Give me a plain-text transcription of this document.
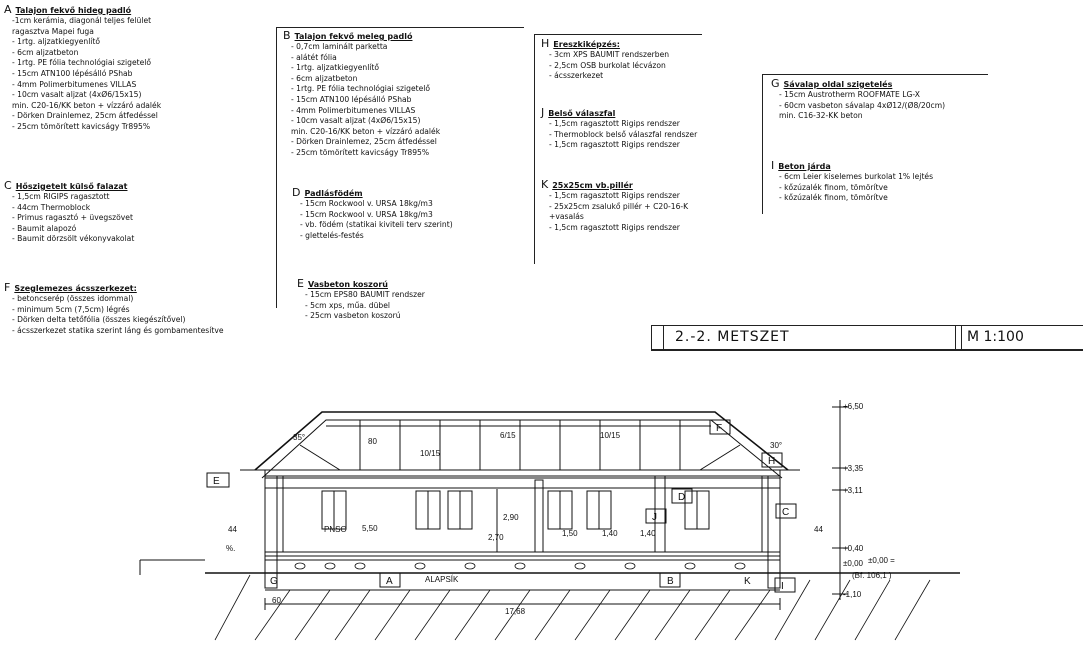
A Talajon fekvő hideg padló
-1cm kerámia, diagonál teljes felület
ragasztva Mapei fuga
- 1rtg. aljzatkiegyenlítő
- 6cm aljzatbeton
- 1rtg. PE fólia technológiai szigetelő
- 15cm ATN100 lépésálló PShab
- 4mm Polimerbitumenes VILLAS
- 10cm vasalt aljzat (4xØ6/15x15)
min. C20-16/KK beton + vízzáró adalék
- Dörken Drainlemez, 25cm átfedéssel
- 25cm tömörített kavicságy Tr895%
B Talajon fekvő meleg padló
- 0,7cm laminált parketta
- alátét fólia
- 1rtg. aljzatkiegyenlítő
- 6cm aljzatbeton
- 1rtg. PE fólia technológiai szigetelő
- 15cm ATN100 lépésálló PShab
- 4mm Polimerbitumenes VILLAS
- 10cm vasalt aljzat (4xØ6/15x15)
min. C20-16/KK beton + vízzáró adalék
- Dörken Drainlemez, 25cm átfedéssel
- 25cm tömörített kavicságy Tr895%
C Hőszigetelt külső falazat
- 1,5cm RIGIPS ragasztott
- 44cm Thermoblock
- Primus ragasztó + üvegszövet
- Baumit alapozó
- Baumit dörzsölt vékonyvakolat
D Padlásfödém
- 15cm Rockwool v. URSA 18kg/m3
- 15cm Rockwool v. URSA 18kg/m3
- vb. födém (statikai kiviteli terv szerint)
- glettelés-festés
E Vasbeton koszorú
- 15cm EPS80 BAUMIT rendszer
- 5cm xps, műa. dübel
- 25cm vasbeton koszorú
F Szeglemezes ácsszerkezet:
- betoncserép (összes idommal)
- minimum 5cm (7,5cm) légrés
- Dörken delta tetőfólia (összes kiegészítővel)
- ácsszerkezet statika szerint láng és gombamentesítve
H Ereszkiképzés:
- 3cm XPS BAUMIT rendszerben
- 2,5cm OSB burkolat lécvázon
- ácsszerkezet
J Belső válaszfal
- 1,5cm ragasztott Rigips rendszer
- Thermoblock belső válaszfal rendszer
- 1,5cm ragasztott Rigips rendszer
K 25x25cm vb.pillér
- 1,5cm ragasztott Rigips rendszer
- 25x25cm zsalukő pillér + C20-16-K
+vasalás
- 1,5cm ragasztott Rigips rendszer
G Sávalap oldal szigetelés
- 15cm Austrotherm ROOFMATE LG-X
- 60cm vasbeton sávalap 4xØ12/(Ø8/20cm)
min. C16-32-KK beton
I Beton járda
- 6cm Leier kiselemes burkolat 1% lejtés
- kőzúzalék finom, tömörítve
- kőzúzalék finom, tömörítve
2.-2. METSZET	M 1:100
+6,50
+3,35
+3,11
+0,40
±0,00
-1,10
±0,00 =
(Bf. 106,1 )
2,70
2,90
44	44
60
17,68
1,50	1,40	1,40
35°
30°
80
10/15
6/15	10/15
5,50
A	B
C
D
E
F
G
H
I
J
K
ALAPSÍK
PNSO
%.
